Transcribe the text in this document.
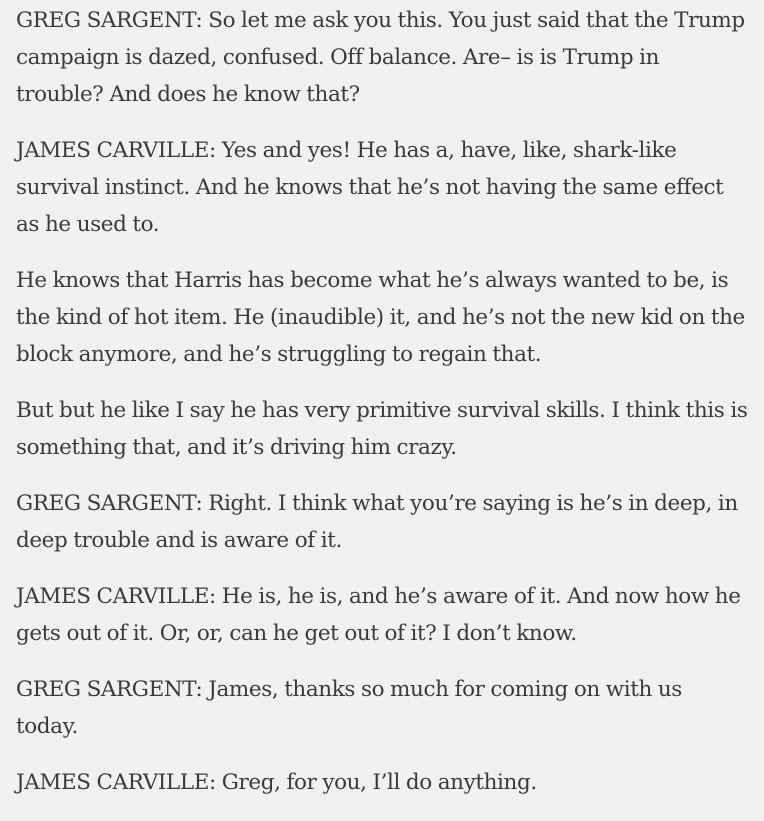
GREG SARGENT: So let me ask you this. You just said that the Trump campaign is dazed, confused. Off balance. Are– is is Trump in trouble? And does he know that?

JAMES CARVILLE: Yes and yes! He has a, have, like, shark-like survival instinct. And he knows that he’s not having the same effect as he used to.

He knows that Harris has become what he’s always wanted to be, is the kind of hot item. He (inaudible) it, and he’s not the new kid on the block anymore, and he’s struggling to regain that.

But but he like I say he has very primitive survival skills. I think this is something that, and it’s driving him crazy.

GREG SARGENT: Right. I think what you’re saying is he’s in deep, in deep trouble and is aware of it.

JAMES CARVILLE: He is, he is, and he’s aware of it. And now how he gets out of it. Or, or, can he get out of it? I don’t know.

GREG SARGENT: James, thanks so much for coming on with us today.

JAMES CARVILLE: Greg, for you, I’ll do anything.
